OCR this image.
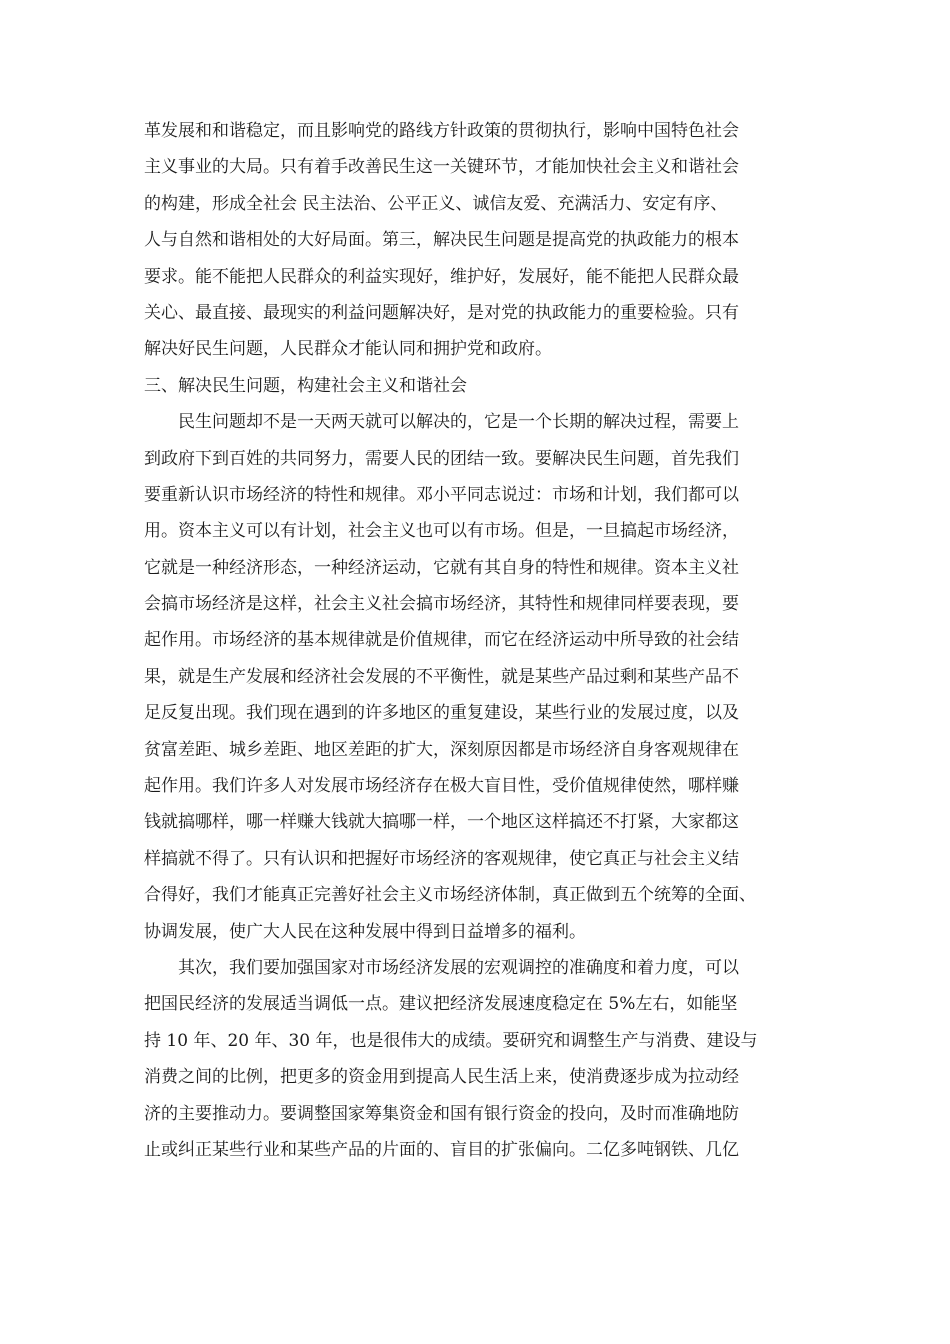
革发展和和谐稳定，而且影响党的路线方针政策的贯彻执行，影响中国特色社会
主义事业的大局。只有着手改善民生这一关键环节，才能加快社会主义和谐社会
的构建，形成全社会 民主法治、公平正义、诚信友爱、充满活力、安定有序、
人与自然和谐相处的大好局面。第三，解决民生问题是提高党的执政能力的根本
要求。能不能把人民群众的利益实现好，维护好，发展好，能不能把人民群众最
关心、最直接、最现实的利益问题解决好，是对党的执政能力的重要检验。只有
解决好民生问题，人民群众才能认同和拥护党和政府。
三、解决民生问题，构建社会主义和谐社会
　　民生问题却不是一天两天就可以解决的，它是一个长期的解决过程，需要上
到政府下到百姓的共同努力，需要人民的团结一致。要解决民生问题，首先我们
要重新认识市场经济的特性和规律。邓小平同志说过：市场和计划，我们都可以
用。资本主义可以有计划，社会主义也可以有市场。但是，一旦搞起市场经济，
它就是一种经济形态，一种经济运动，它就有其自身的特性和规律。资本主义社
会搞市场经济是这样，社会主义社会搞市场经济，其特性和规律同样要表现，要
起作用。市场经济的基本规律就是价值规律，而它在经济运动中所导致的社会结
果，就是生产发展和经济社会发展的不平衡性，就是某些产品过剩和某些产品不
足反复出现。我们现在遇到的许多地区的重复建设，某些行业的发展过度，以及
贫富差距、城乡差距、地区差距的扩大，深刻原因都是市场经济自身客观规律在
起作用。我们许多人对发展市场经济存在极大盲目性，受价值规律使然，哪样赚
钱就搞哪样，哪一样赚大钱就大搞哪一样，一个地区这样搞还不打紧，大家都这
样搞就不得了。只有认识和把握好市场经济的客观规律，使它真正与社会主义结
合得好，我们才能真正完善好社会主义市场经济体制，真正做到五个统筹的全面、
协调发展，使广大人民在这种发展中得到日益增多的福利。
　　其次，我们要加强国家对市场经济发展的宏观调控的准确度和着力度，可以
把国民经济的发展适当调低一点。建议把经济发展速度稳定在 5%左右，如能坚
持 10 年、20 年、30 年，也是很伟大的成绩。要研究和调整生产与消费、建设与
消费之间的比例，把更多的资金用到提高人民生活上来，使消费逐步成为拉动经
济的主要推动力。要调整国家筹集资金和国有银行资金的投向，及时而准确地防
止或纠正某些行业和某些产品的片面的、盲目的扩张偏向。二亿多吨钢铁、几亿
